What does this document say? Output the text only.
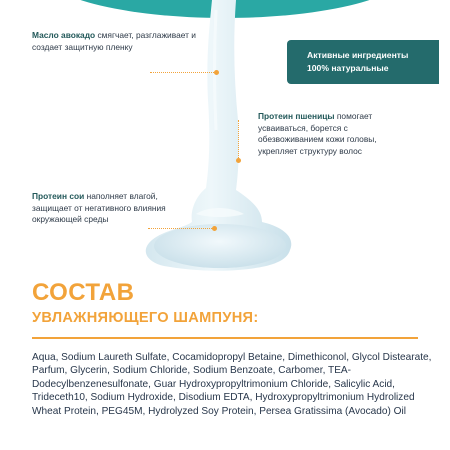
Масло авокадо смягчает, разглаживает и создает защитную пленку
Активные ингредиенты
100% натуральные
Протеин пшеницы помогает усваиваться, борется с обезвоживанием кожи головы, укрепляет структуру волос
Протеин сои наполняет влагой, защищает от негативного влияния окружающей среды
СОСТАВ
УВЛАЖНЯЮЩЕГО ШАМПУНЯ:
Aqua, Sodium Laureth Sulfate, Cocamidopropyl Betaine, Dimethiconol, Glycol Distearate, Parfum, Glycerin, Sodium Chloride, Sodium Benzoate, Carbomer, TEA-Dodecylbenzenesulfonate, Guar Hydroxypropyltrimonium Chloride, Salicylic Acid, Trideceth10, Sodium Hydroxide, Disodium EDTA, Hydroxypropyltrimonium Hydrolized Wheat Protein, PEG45M, Hydrolyzed Soy Protein, Persea Gratissima (Avocado) Oil
